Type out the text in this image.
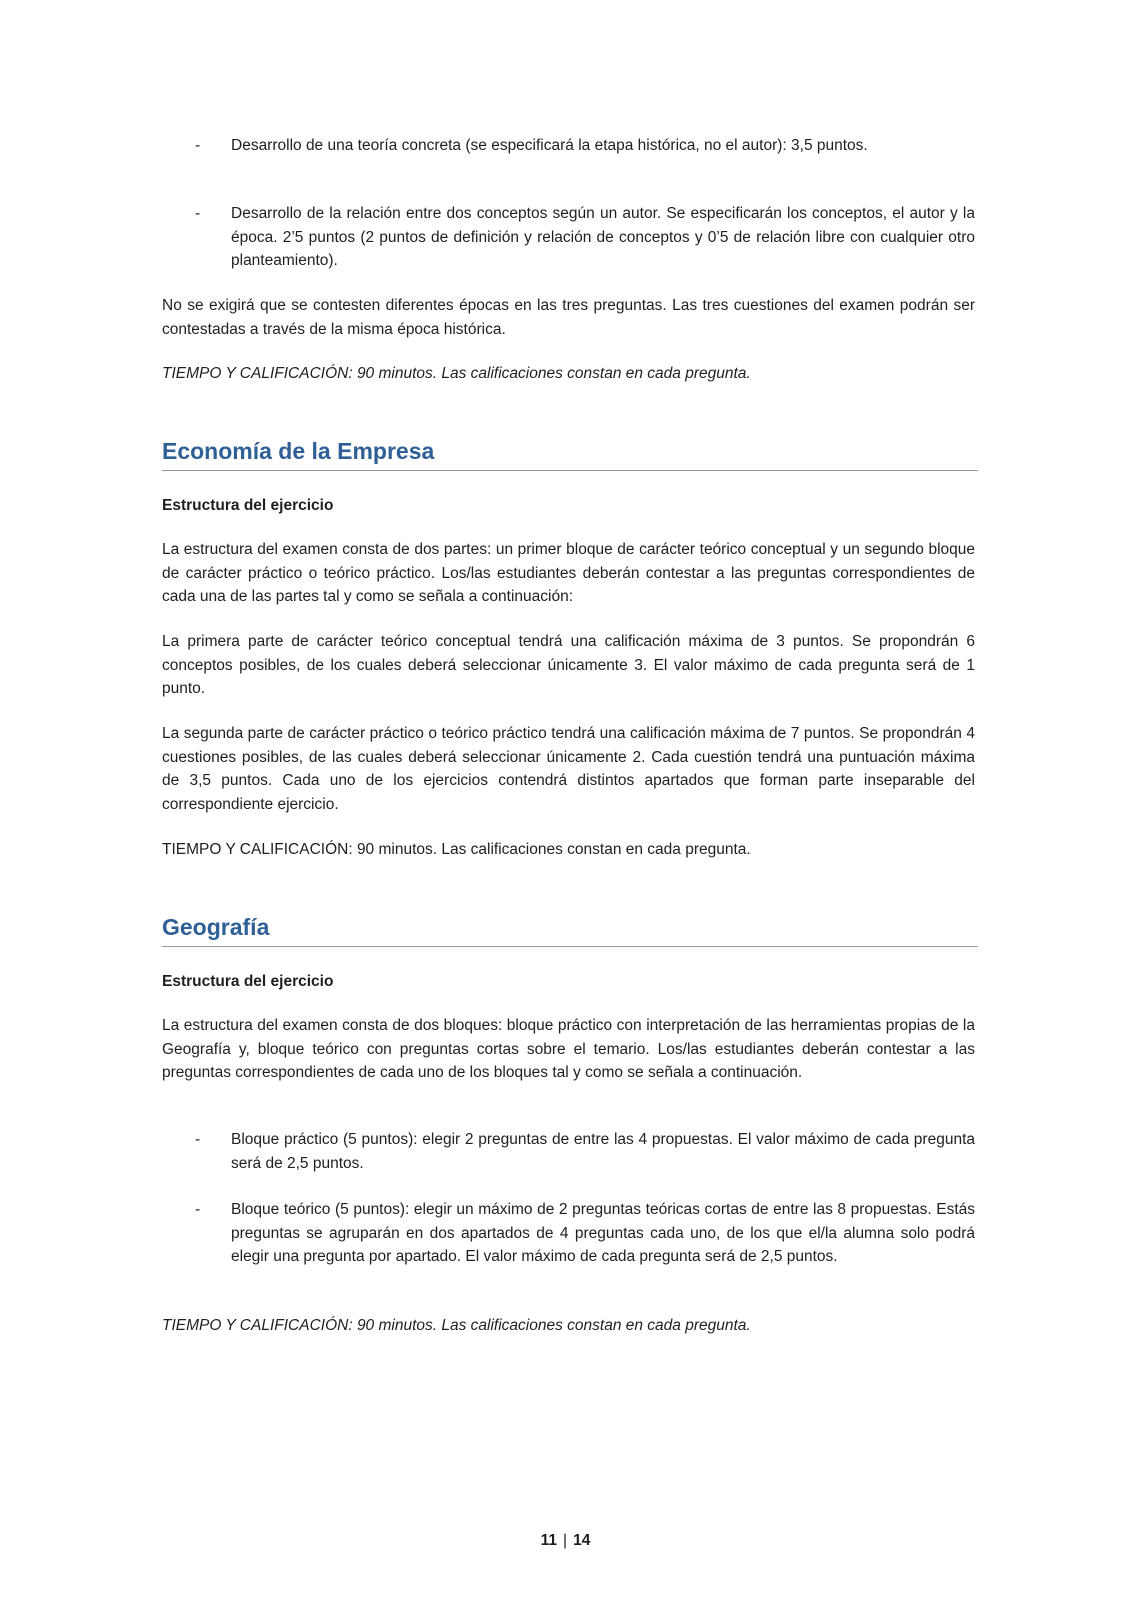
- Desarrollo de una teoría concreta (se especificará la etapa histórica, no el autor): 3,5 puntos.
- Desarrollo de la relación entre dos conceptos según un autor. Se especificarán los conceptos, el autor y la época. 2’5 puntos (2 puntos de definición y relación de conceptos y 0’5 de relación libre con cualquier otro planteamiento).
No se exigirá que se contesten diferentes épocas en las tres preguntas. Las tres cuestiones del examen podrán ser contestadas a través de la misma época histórica.
TIEMPO Y CALIFICACIÓN: 90 minutos. Las calificaciones constan en cada pregunta.
Economía de la Empresa
Estructura del ejercicio
La estructura del examen consta de dos partes: un primer bloque de carácter teórico conceptual y un segundo bloque de carácter práctico o teórico práctico. Los/las estudiantes deberán contestar a las preguntas correspondientes de cada una de las partes tal y como se señala a continuación:
La primera parte de carácter teórico conceptual tendrá una calificación máxima de 3 puntos. Se propondrán 6 conceptos posibles, de los cuales deberá seleccionar únicamente 3. El valor máximo de cada pregunta será de 1 punto.
La segunda parte de carácter práctico o teórico práctico tendrá una calificación máxima de 7 puntos. Se propondrán 4 cuestiones posibles, de las cuales deberá seleccionar únicamente 2. Cada cuestión tendrá una puntuación máxima de 3,5 puntos. Cada uno de los ejercicios contendrá distintos apartados que forman parte inseparable del correspondiente ejercicio.
TIEMPO Y CALIFICACIÓN: 90 minutos. Las calificaciones constan en cada pregunta.
Geografía
Estructura del ejercicio
La estructura del examen consta de dos bloques: bloque práctico con interpretación de las herramientas propias de la Geografía y, bloque teórico con preguntas cortas sobre el temario. Los/las estudiantes deberán contestar a las preguntas correspondientes de cada uno de los bloques tal y como se señala a continuación.
- Bloque práctico (5 puntos): elegir 2 preguntas de entre las 4 propuestas. El valor máximo de cada pregunta será de 2,5 puntos.
- Bloque teórico (5 puntos): elegir un máximo de 2 preguntas teóricas cortas de entre las 8 propuestas. Estás preguntas se agruparán en dos apartados de 4 preguntas cada uno, de los que el/la alumna solo podrá elegir una pregunta por apartado. El valor máximo de cada pregunta será de 2,5 puntos.
TIEMPO Y CALIFICACIÓN: 90 minutos. Las calificaciones constan en cada pregunta.
11 | 14
